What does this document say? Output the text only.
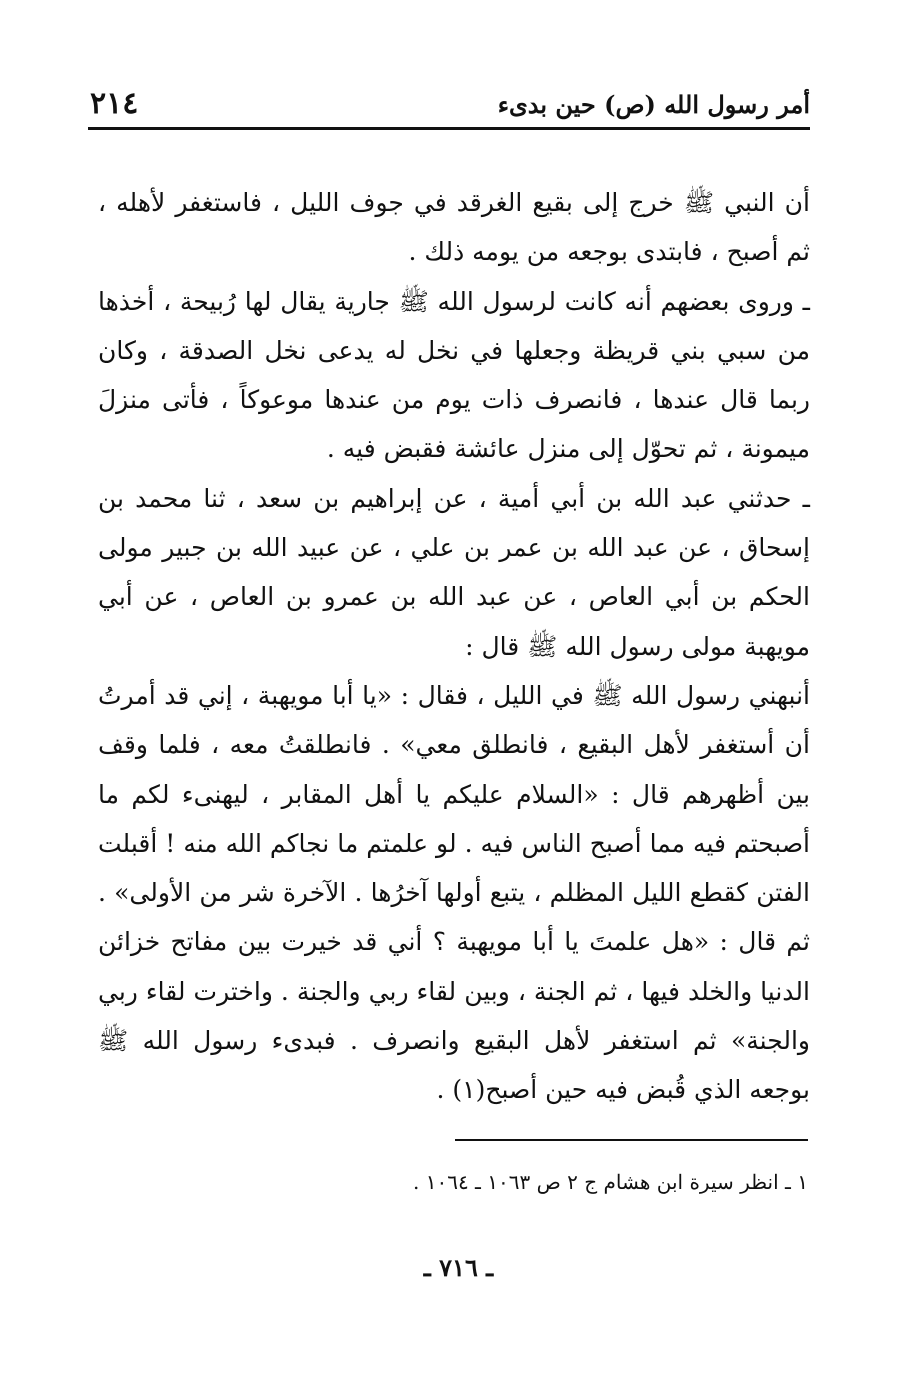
أمر رسول الله (ص) حين بدىء
٢١٤

أن النبي ﷺ خرج إلى بقيع الغرقد في جوف الليل ، فاستغفر لأهله ، ثم أصبح ، فابتدى بوجعه من يومه ذلك .

ـ وروى بعضهم أنه كانت لرسول الله ﷺ جارية يقال لها رُبيحة ، أخذها من سبي بني قريظة وجعلها في نخل له يدعى نخل الصدقة ، وكان ربما قال عندها ، فانصرف ذات يوم من عندها موعوكاً ، فأتى منزلَ ميمونة ، ثم تحوّل إلى منزل عائشة فقبض فيه .

ـ حدثني عبد الله بن أبي أمية ، عن إبراهيم بن سعد ، ثنا محمد بن إسحاق ، عن عبد الله بن عمر بن علي ، عن عبيد الله بن جبير مولى الحكم بن أبي العاص ، عن عبد الله بن عمرو بن العاص ، عن أبي مويهبة مولى رسول الله ﷺ قال :

أنبهني رسول الله ﷺ في الليل ، فقال : «يا أبا مويهبة ، إني قد أمرتُ أن أستغفر لأهل البقيع ، فانطلق معي» . فانطلقتُ معه ، فلما وقف بين أظهرهم قال : «السلام عليكم يا أهل المقابر ، ليهنىء لكم ما أصبحتم فيه مما أصبح الناس فيه . لو علمتم ما نجاكم الله منه ! أقبلت الفتن كقطع الليل المظلم ، يتبع أولها آخرُها . الآخرة شر من الأولى» . ثم قال : «هل علمتَ يا أبا مويهبة ؟ أني قد خيرت بين مفاتح خزائن الدنيا والخلد فيها ، ثم الجنة ، وبين لقاء ربي والجنة . واخترت لقاء ربي والجنة» ثم استغفر لأهل البقيع وانصرف . فبدىء رسول الله ﷺ بوجعه الذي قُبض فيه حين أصبح(١) .

١ ـ انظر سيرة ابن هشام ج ٢ ص ١٠٦٣ ـ ١٠٦٤ .
ـ ٧١٦ ـ
